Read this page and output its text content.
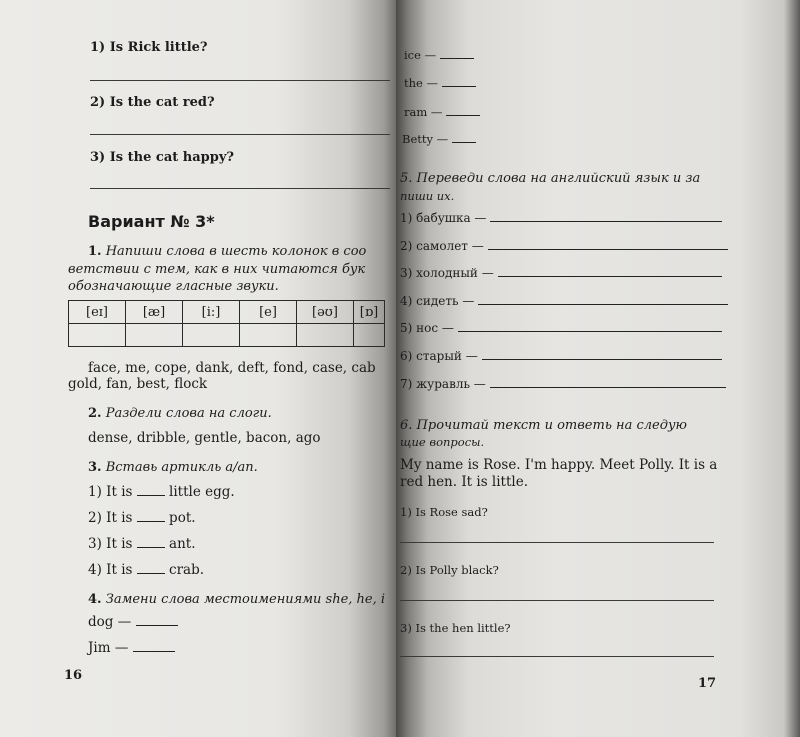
1) Is Rick little?
2) Is the cat red?
3) Is the cat happy?
Вариант № 3*
1. Напиши слова в шесть колонок в соо
ветствии с тем, как в них читаются бук
обозначающие гласные звуки.
[eɪ]	[æ]	[i:]	[e]	[əʊ]	[ɒ]

face, me, cope, dank, deft, fond, case, cab
gold, fan, best, flock
2. Раздели слова на слоги.
dense, dribble, gentle, bacon, ago
3. Вставь артикль a/an.
1) It is	little egg.
2) It is	pot.
3) It is	ant.
4) It is	crab.
4. Замени слова местоимениями she, he, i
dog —
Jim —
16
ice —
the —
ram —
Betty —
5. Переведи слова на английский язык и за
пиши их.
1) бабушка —
2) самолет —
3) холодный —
4) сидеть —
5) нос —
6) старый —
7) журавль —
6. Прочитай текст и ответь на следую
щие вопросы.
My name is Rose. I'm happy. Meet Polly. It is a
red hen. It is little.
1) Is Rose sad?
2) Is Polly black?
3) Is the hen little?
17
